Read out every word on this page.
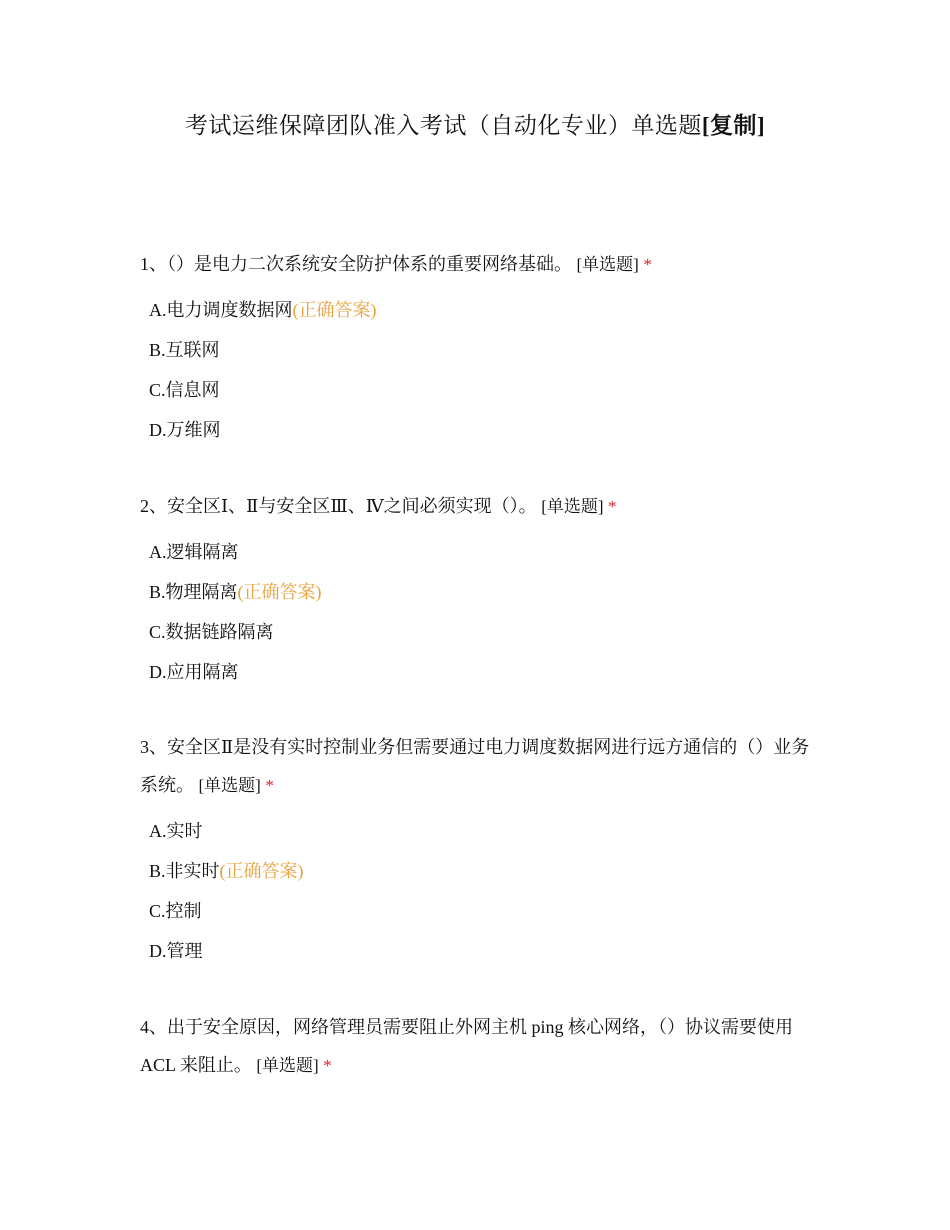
考试运维保障团队准入考试（自动化专业）单选题[复制]

1、（）是电力二次系统安全防护体系的重要网络基础。 [单选题] *

A.电力调度数据网(正确答案)
B.互联网
C.信息网
D.万维网

2、安全区Ⅰ、Ⅱ与安全区Ⅲ、Ⅳ之间必须实现（）。 [单选题] *

A.逻辑隔离
B.物理隔离(正确答案)
C.数据链路隔离
D.应用隔离

3、安全区Ⅱ是没有实时控制业务但需要通过电力调度数据网进行远方通信的（）业务系统。 [单选题] *

A.实时
B.非实时(正确答案)
C.控制
D.管理

4、出于安全原因，网络管理员需要阻止外网主机 ping 核心网络，（）协议需要使用 ACL 来阻止。 [单选题] *
